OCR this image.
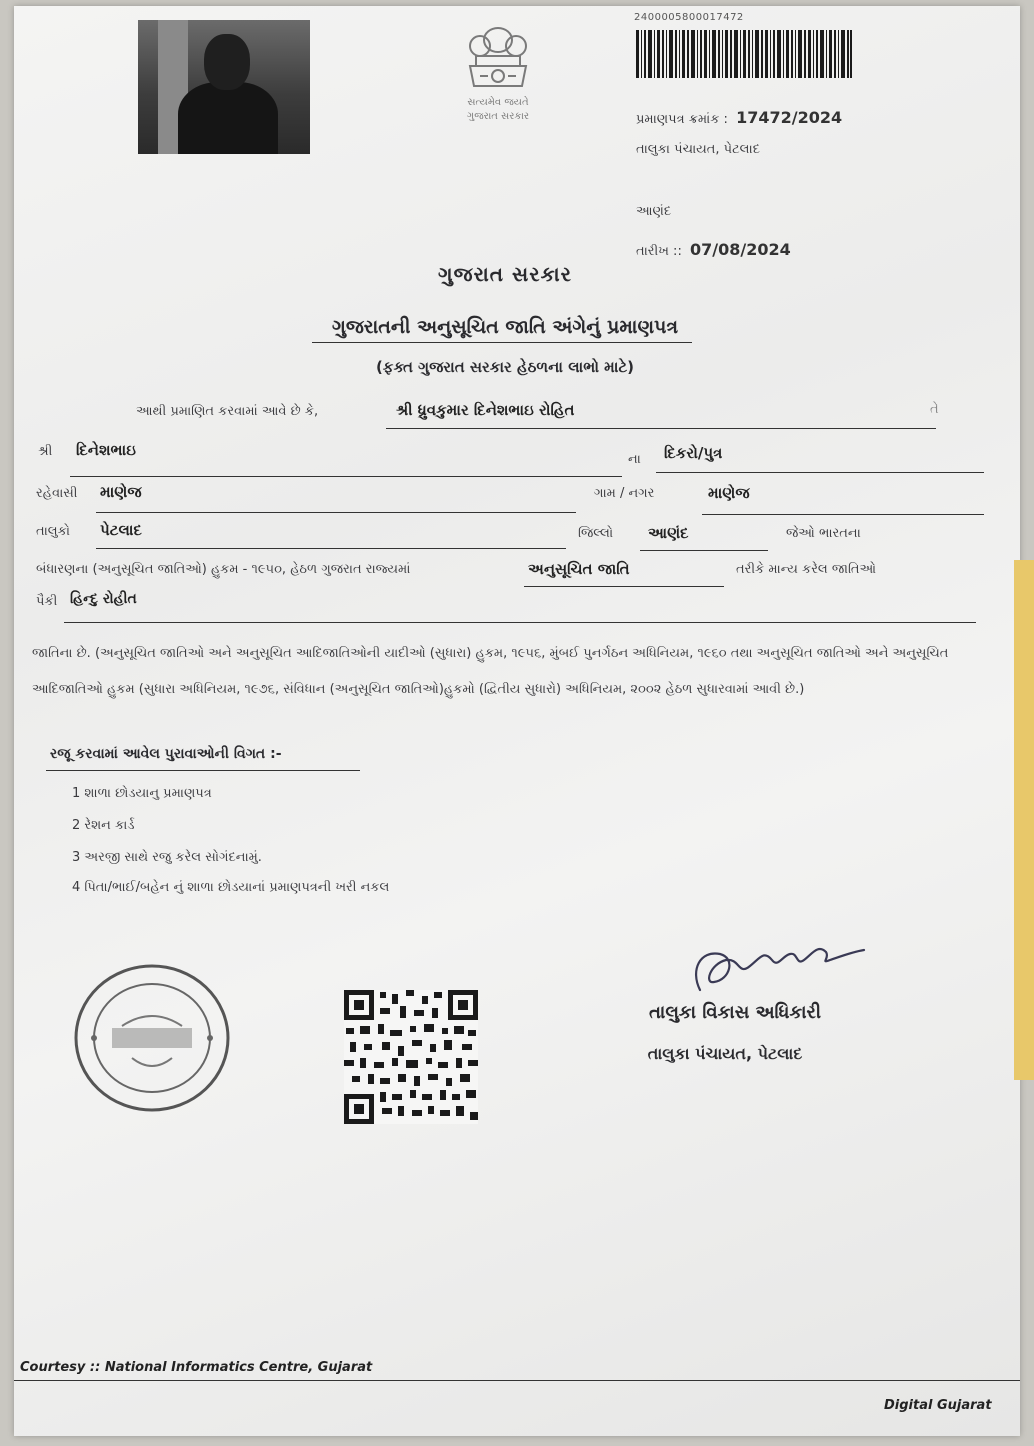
સત્યમેવ જયતે
ગુજરાત સરકાર
2400005800017472
પ્રમાણપત્ર ક્રમાંક : 17472/2024
તાલુકા પંચાયત, પેટલાદ
આણંદ
તારીખ :: 07/08/2024
ગુજરાત સરકાર
ગુજરાતની અનુસૂચિત જાતિ અંગેનું પ્રમાણપત્ર
(ફક્ત ગુજરાત સરકાર હેઠળના લાભો માટે)
આથી પ્રમાણિત કરવામાં આવે છે કે,	શ્રી ધ્રુવકુમાર દિનેશભાઇ રોહિત	તે
શ્રી દિનેશભાઇ
ના દિકરો/પુત્ર
રહેવાસી માણેજ	ગામ / નગર	માણેજ
તાલુકો પેટલાદ	જિલ્લો આણંદ	જેઓ ભારતના
બંધારણના (અનુસૂચિત જાતિઓ) હુકમ - ૧૯૫૦, હેઠળ ગુજરાત રાજ્યમાં	અનુસૂચિત જાતિ	તરીકે માન્ય કરેલ જાતિઓ
પૈકી હિન્દુ રોહીત
જાતિના છે. (અનુસૂચિત જાતિઓ અને અનુસૂચિત આદિજાતિઓની યાદીઓ (સુધારા) હુકમ, ૧૯૫૬, મુંબઈ પુનર્ગઠન અધિનિયમ, ૧૯૬૦ તથા અનુસૂચિત જાતિઓ અને અનુસૂચિત આદિજાતિઓ હુકમ (સુધારા અધિનિયમ, ૧૯૭૬, સંવિધાન (અનુસૂચિત જાતિઓ)હુકમો (દ્વિતીય સુધારો) અધિનિયમ, ૨૦૦૨ હેઠળ સુધારવામાં આવી છે.)
રજૂ કરવામાં આવેલ પુરાવાઓની વિગત :-
1 શાળા છોડયાનુ પ્રમાણપત્ર
2 રેશન કાર્ડ
3 અરજી સાથે રજુ કરેલ સોગંદનામું.
4 પિતા/ભાઈ/બહેન નું શાળા છોડયાનાં પ્રમાણપત્રની ખરી નકલ
તાલુકા વિકાસ અધિકારી
તાલુકા પંચાયત, પેટલાદ
Courtesy :: National Informatics Centre, Gujarat
Digital Gujarat
